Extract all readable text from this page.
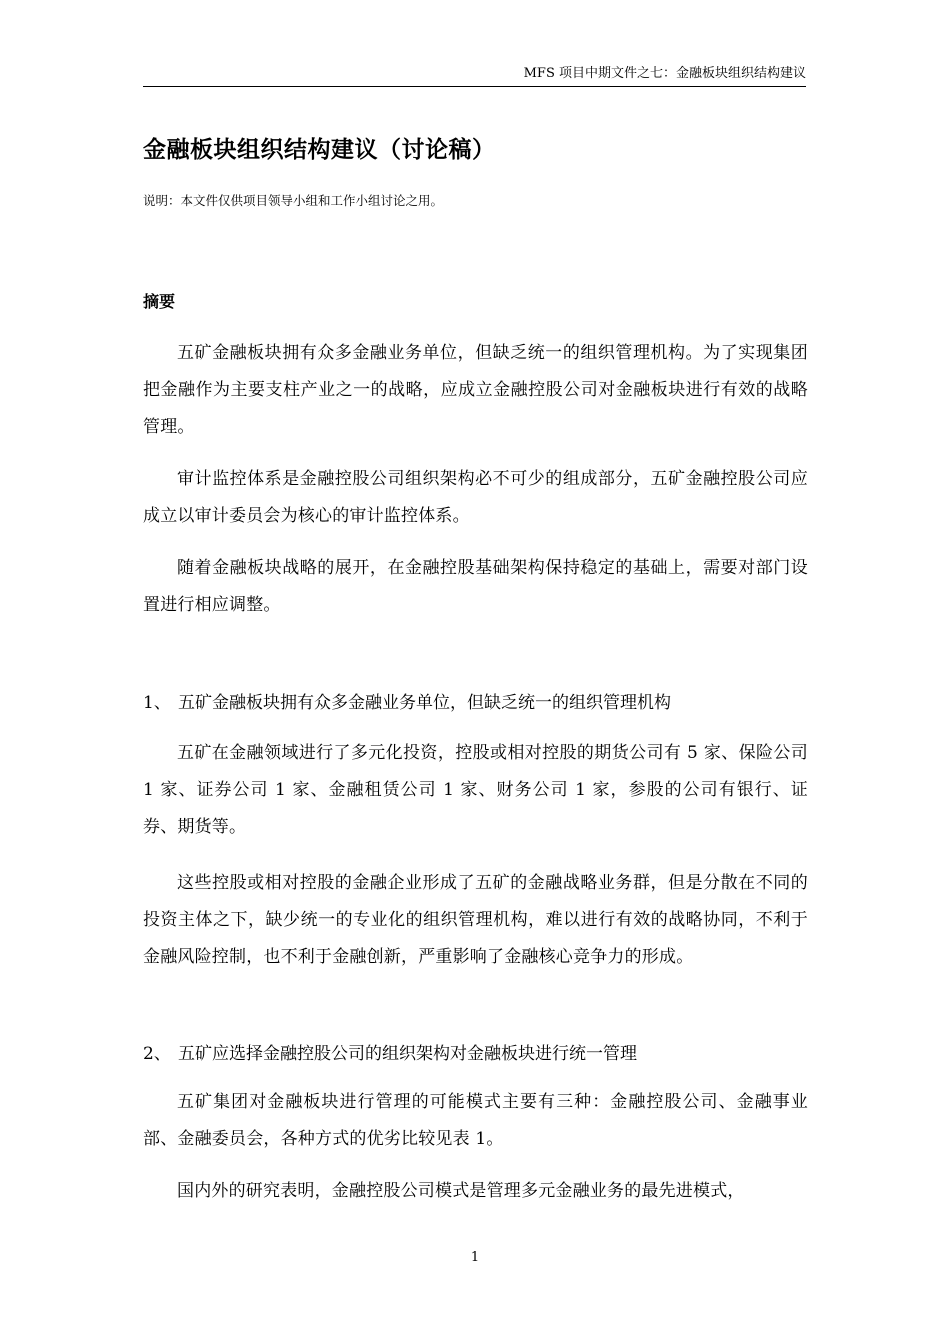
MFS 项目中期文件之七：金融板块组织结构建议
金融板块组织结构建议（讨论稿）
说明：本文件仅供项目领导小组和工作小组讨论之用。
摘要

五矿金融板块拥有众多金融业务单位，但缺乏统一的组织管理机构。为了实现集团把金融作为主要支柱产业之一的战略，应成立金融控股公司对金融板块进行有效的战略管理。

审计监控体系是金融控股公司组织架构必不可少的组成部分，五矿金融控股公司应成立以审计委员会为核心的审计监控体系。

随着金融板块战略的展开，在金融控股基础架构保持稳定的基础上，需要对部门设置进行相应调整。

1、 五矿金融板块拥有众多金融业务单位，但缺乏统一的组织管理机构

五矿在金融领域进行了多元化投资，控股或相对控股的期货公司有 5 家、保险公司 1 家、证券公司 1 家、金融租赁公司 1 家、财务公司 1 家，参股的公司有银行、证券、期货等。

这些控股或相对控股的金融企业形成了五矿的金融战略业务群，但是分散在不同的投资主体之下，缺少统一的专业化的组织管理机构，难以进行有效的战略协同，不利于金融风险控制，也不利于金融创新，严重影响了金融核心竞争力的形成。

2、 五矿应选择金融控股公司的组织架构对金融板块进行统一管理

五矿集团对金融板块进行管理的可能模式主要有三种：金融控股公司、金融事业部、金融委员会，各种方式的优劣比较见表 1。

国内外的研究表明，金融控股公司模式是管理多元金融业务的最先进模式，

1
